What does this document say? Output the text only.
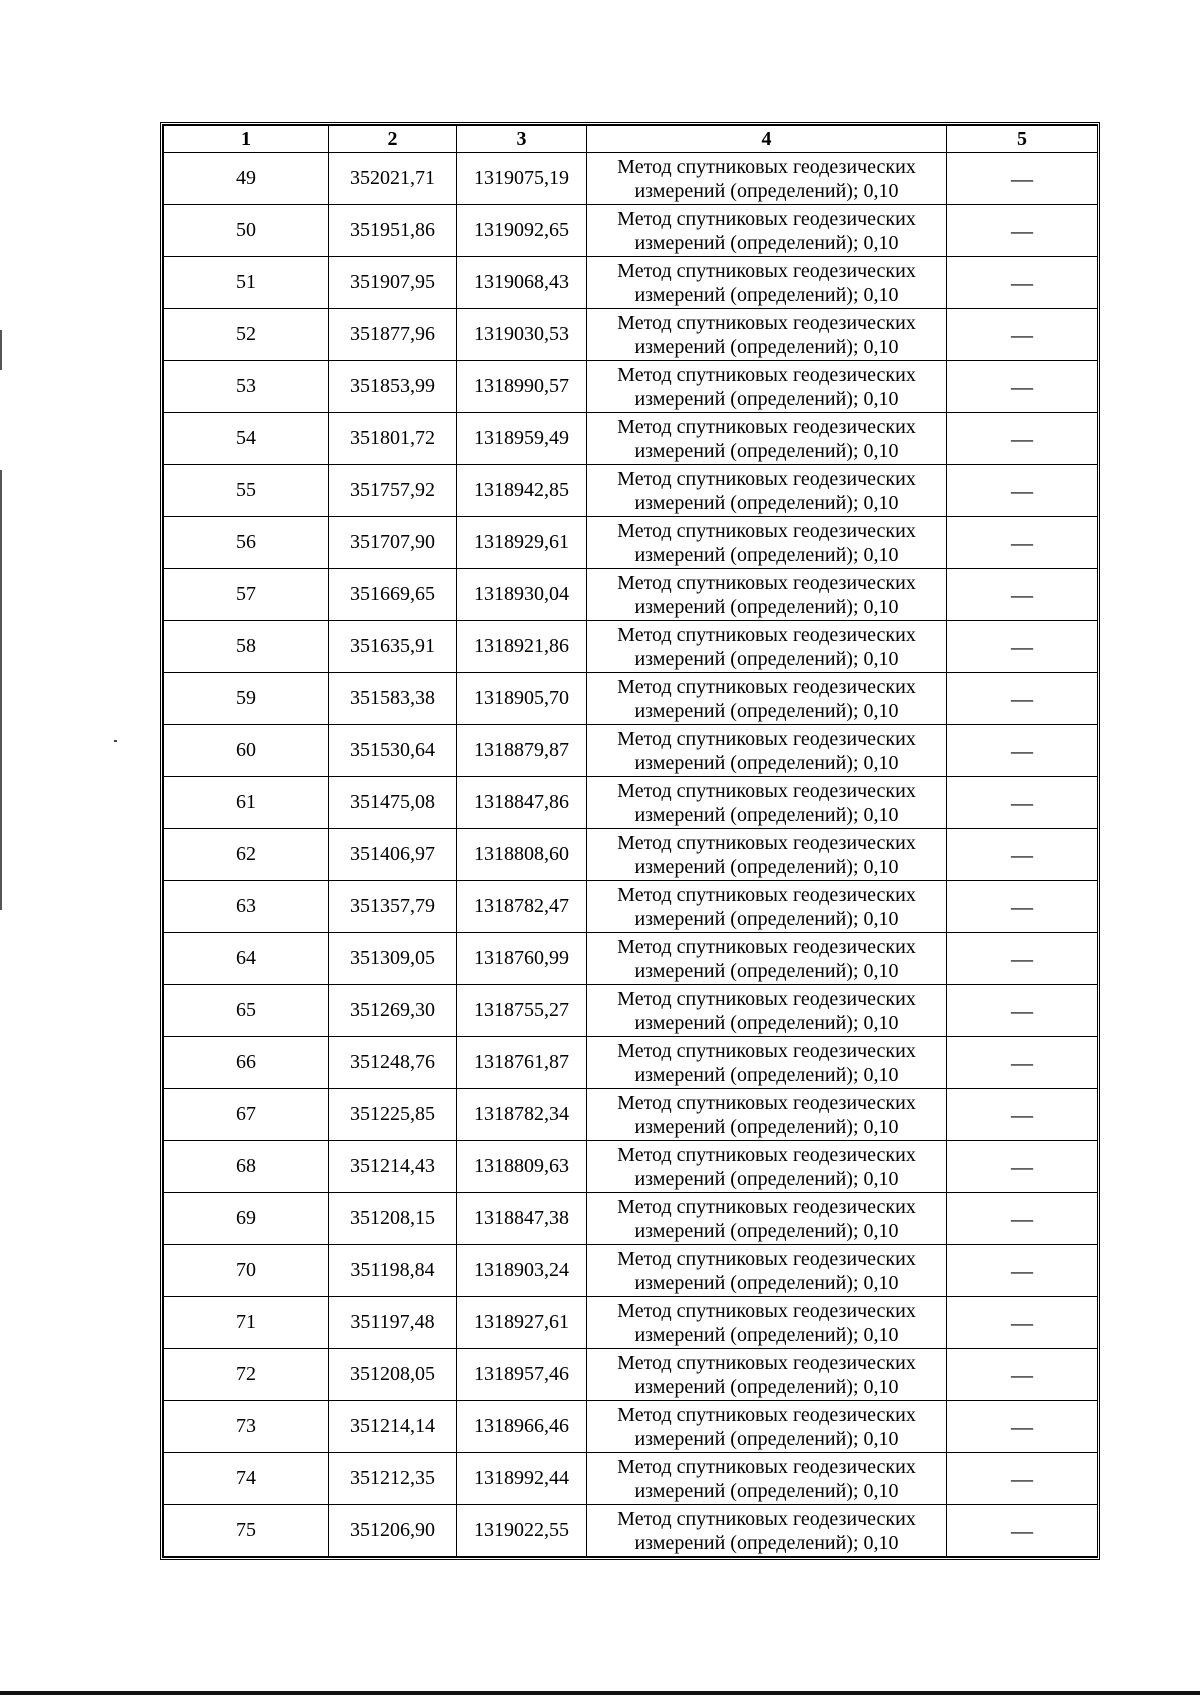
1	2	3	4	5
49	352021,71	1319075,19	Метод спутниковых геодезических
измерений (определений); 0,10	—
50	351951,86	1319092,65	Метод спутниковых геодезических
измерений (определений); 0,10	—
51	351907,95	1319068,43	Метод спутниковых геодезических
измерений (определений); 0,10	—
52	351877,96	1319030,53	Метод спутниковых геодезических
измерений (определений); 0,10	—
53	351853,99	1318990,57	Метод спутниковых геодезических
измерений (определений); 0,10	—
54	351801,72	1318959,49	Метод спутниковых геодезических
измерений (определений); 0,10	—
55	351757,92	1318942,85	Метод спутниковых геодезических
измерений (определений); 0,10	—
56	351707,90	1318929,61	Метод спутниковых геодезических
измерений (определений); 0,10	—
57	351669,65	1318930,04	Метод спутниковых геодезических
измерений (определений); 0,10	—
58	351635,91	1318921,86	Метод спутниковых геодезических
измерений (определений); 0,10	—
59	351583,38	1318905,70	Метод спутниковых геодезических
измерений (определений); 0,10	—
60	351530,64	1318879,87	Метод спутниковых геодезических
измерений (определений); 0,10	—
61	351475,08	1318847,86	Метод спутниковых геодезических
измерений (определений); 0,10	—
62	351406,97	1318808,60	Метод спутниковых геодезических
измерений (определений); 0,10	—
63	351357,79	1318782,47	Метод спутниковых геодезических
измерений (определений); 0,10	—
64	351309,05	1318760,99	Метод спутниковых геодезических
измерений (определений); 0,10	—
65	351269,30	1318755,27	Метод спутниковых геодезических
измерений (определений); 0,10	—
66	351248,76	1318761,87	Метод спутниковых геодезических
измерений (определений); 0,10	—
67	351225,85	1318782,34	Метод спутниковых геодезических
измерений (определений); 0,10	—
68	351214,43	1318809,63	Метод спутниковых геодезических
измерений (определений); 0,10	—
69	351208,15	1318847,38	Метод спутниковых геодезических
измерений (определений); 0,10	—
70	351198,84	1318903,24	Метод спутниковых геодезических
измерений (определений); 0,10	—
71	351197,48	1318927,61	Метод спутниковых геодезических
измерений (определений); 0,10	—
72	351208,05	1318957,46	Метод спутниковых геодезических
измерений (определений); 0,10	—
73	351214,14	1318966,46	Метод спутниковых геодезических
измерений (определений); 0,10	—
74	351212,35	1318992,44	Метод спутниковых геодезических
измерений (определений); 0,10	—
75	351206,90	1319022,55	Метод спутниковых геодезических
измерений (определений); 0,10	—
